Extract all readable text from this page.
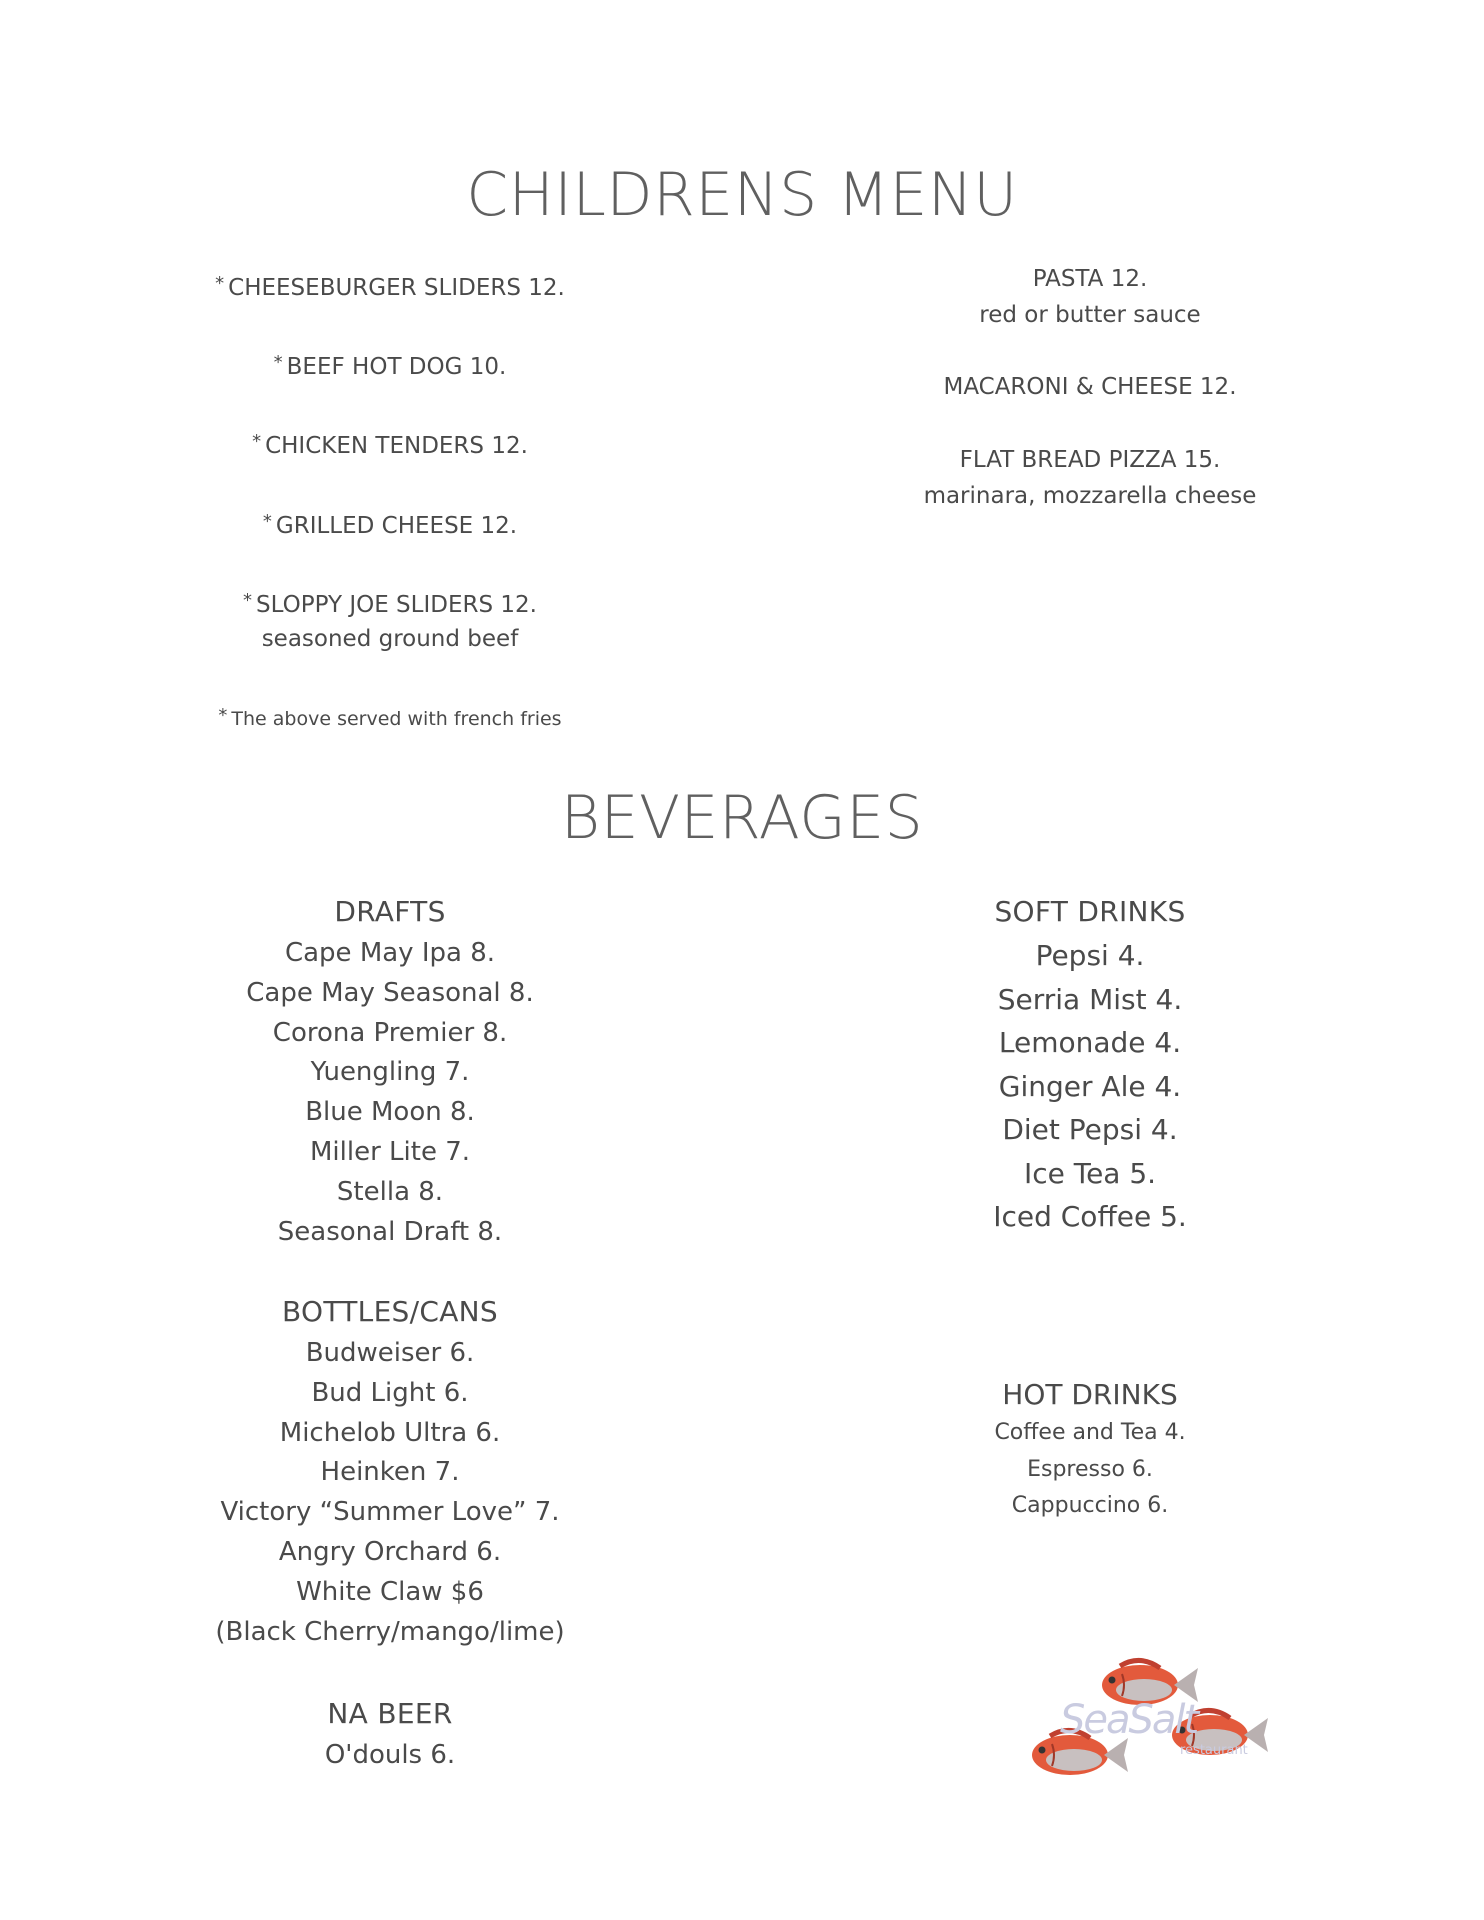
CHILDRENS MENU
* CHEESEBURGER SLIDERS 12.
* BEEF HOT DOG 10.
* CHICKEN TENDERS 12.
* GRILLED CHEESE 12.
* SLOPPY JOE SLIDERS 12.
seasoned ground beef
* The above served with french fries
PASTA 12.
red or butter sauce
MACARONI & CHEESE 12.
FLAT BREAD PIZZA 15.
marinara, mozzarella cheese
BEVERAGES
DRAFTS
Cape May Ipa 8.
Cape May Seasonal 8.
Corona Premier 8.
Yuengling 7.
Blue Moon 8.
Miller Lite 7.
Stella 8.
Seasonal Draft 8.
BOTTLES/CANS
Budweiser 6.
Bud Light 6.
Michelob Ultra 6.
Heinken 7.
Victory “Summer Love” 7.
Angry Orchard 6.
White Claw $6
(Black Cherry/mango/lime)
NA BEER
O'douls 6.
SOFT DRINKS
Pepsi 4.
Serria Mist 4.
Lemonade 4.
Ginger Ale 4.
Diet Pepsi 4.
Ice Tea 5.
Iced Coffee 5.
HOT DRINKS
Coffee and Tea 4.
Espresso 6.
Cappuccino 6.
SeaSalt
restaurant
